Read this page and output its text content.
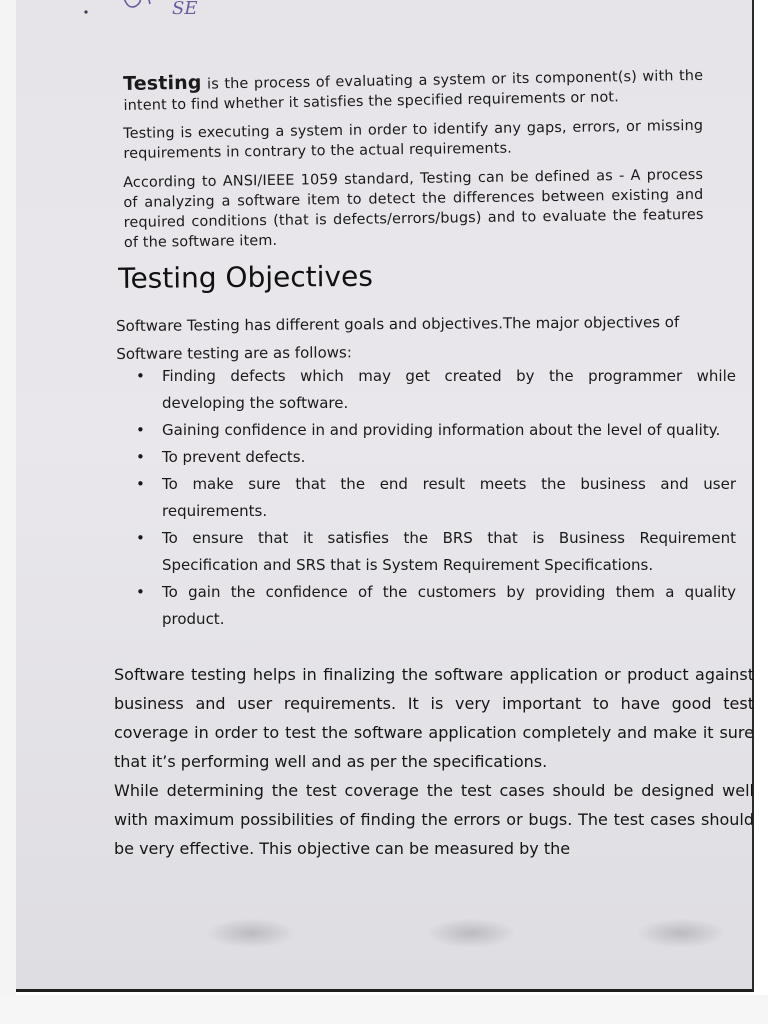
SE

Testing is the process of evaluating a system or its component(s) with the intent to find whether it satisfies the specified requirements or not.

Testing is executing a system in order to identify any gaps, errors, or missing requirements in contrary to the actual requirements.

According to ANSI/IEEE 1059 standard, Testing can be defined as - A process of analyzing a software item to detect the differences between existing and required conditions (that is defects/errors/bugs) and to evaluate the features of the software item.

Testing Objectives

Software Testing has different goals and objectives.The major objectives of Software testing are as follows:

• Finding defects which may get created by the programmer while developing the software.
• Gaining confidence in and providing information about the level of quality.
• To prevent defects.
• To make sure that the end result meets the business and user requirements.
• To ensure that it satisfies the BRS that is Business Requirement Specification and SRS that is System Requirement Specifications.
• To gain the confidence of the customers by providing them a quality product.

Software testing helps in finalizing the software application or product against business and user requirements. It is very important to have good test coverage in order to test the software application completely and make it sure that it’s performing well and as per the specifications.

While determining the test coverage the test cases should be designed well with maximum possibilities of finding the errors or bugs. The test cases should be very effective. This objective can be measured by the
